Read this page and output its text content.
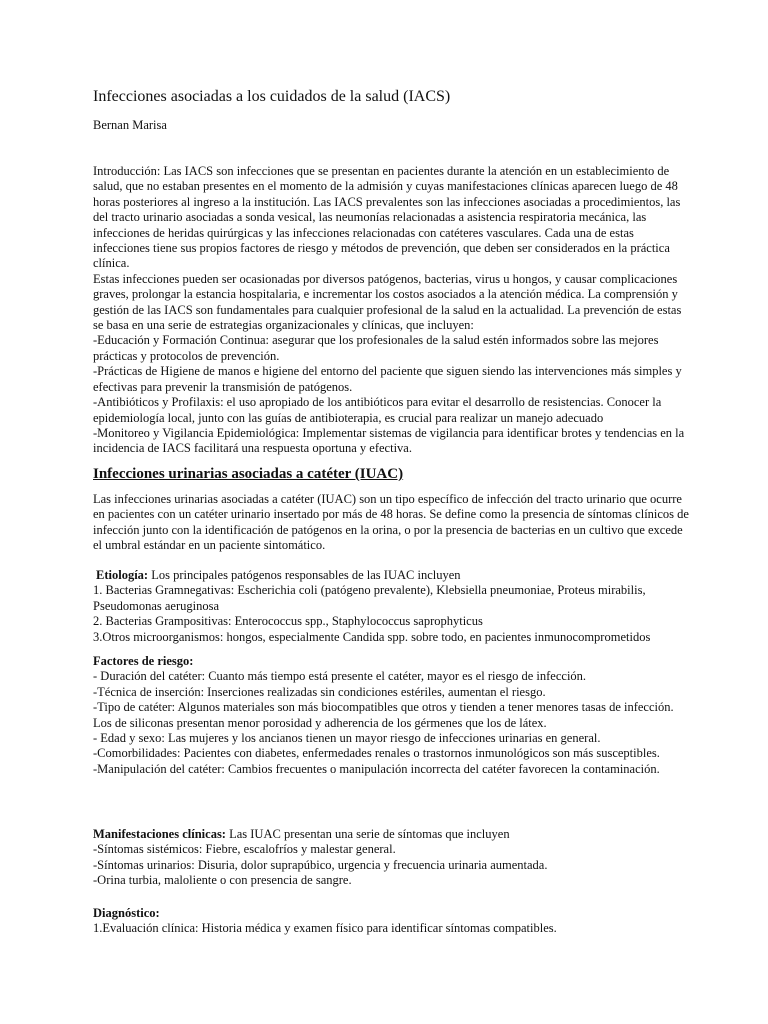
Infecciones asociadas a los cuidados de la salud (IACS)
Bernan Marisa

Introducción: Las IACS son infecciones que se presentan en pacientes durante la atención en un establecimiento de salud, que no estaban presentes en el momento de la admisión y cuyas manifestaciones clínicas aparecen luego de 48 horas posteriores al ingreso a la institución. Las IACS prevalentes son las infecciones asociadas a procedimientos, las del tracto urinario asociadas a sonda vesical, las neumonías relacionadas a asistencia respiratoria mecánica, las infecciones de heridas quirúrgicas y las infecciones relacionadas con catéteres vasculares. Cada una de estas infecciones tiene sus propios factores de riesgo y métodos de prevención, que deben ser considerados en la práctica clínica.

Estas infecciones pueden ser ocasionadas por diversos patógenos, bacterias, virus u hongos, y causar complicaciones graves, prolongar la estancia hospitalaria, e incrementar los costos asociados a la atención médica. La comprensión y gestión de las IACS son fundamentales para cualquier profesional de la salud en la actualidad. La prevención de estas se basa en una serie de estrategias organizacionales y clínicas, que incluyen:

-Educación y Formación Continua: asegurar que los profesionales de la salud estén informados sobre las mejores prácticas y protocolos de prevención.

-Prácticas de Higiene de manos e higiene del entorno del paciente que siguen siendo las intervenciones más simples y efectivas para prevenir la transmisión de patógenos.

-Antibióticos y Profilaxis: el uso apropiado de los antibióticos para evitar el desarrollo de resistencias. Conocer la epidemiología local, junto con las guías de antibioterapia, es crucial para realizar un manejo adecuado

-Monitoreo y Vigilancia Epidemiológica: Implementar sistemas de vigilancia para identificar brotes y tendencias en la incidencia de IACS facilitará una respuesta oportuna y efectiva.

Infecciones urinarias asociadas a catéter (IUAC)
Las infecciones urinarias asociadas a catéter (IUAC) son un tipo específico de infección del tracto urinario que ocurre en pacientes con un catéter urinario insertado por más de 48 horas. Se define como la presencia de síntomas clínicos de infección junto con la identificación de patógenos en la orina, o por la presencia de bacterias en un cultivo que excede el umbral estándar en un paciente sintomático.

Etiología: Los principales patógenos responsables de las IUAC incluyen

1. Bacterias Gramnegativas: Escherichia coli (patógeno prevalente), Klebsiella pneumoniae, Proteus mirabilis, Pseudomonas aeruginosa

2. Bacterias Grampositivas: Enterococcus spp., Staphylococcus saprophyticus

3.Otros microorganismos: hongos, especialmente Candida spp. sobre todo, en pacientes inmunocomprometidos

Factores de riesgo:

- Duración del catéter: Cuanto más tiempo está presente el catéter, mayor es el riesgo de infección.

-Técnica de inserción: Inserciones realizadas sin condiciones estériles, aumentan el riesgo.

-Tipo de catéter: Algunos materiales son más biocompatibles que otros y tienden a tener menores tasas de infección. Los de siliconas presentan menor porosidad y adherencia de los gérmenes que los de látex.

- Edad y sexo: Las mujeres y los ancianos tienen un mayor riesgo de infecciones urinarias en general.

-Comorbilidades: Pacientes con diabetes, enfermedades renales o trastornos inmunológicos son más susceptibles.

-Manipulación del catéter: Cambios frecuentes o manipulación incorrecta del catéter favorecen la contaminación.

Manifestaciones clínicas: Las IUAC presentan una serie de síntomas que incluyen

-Síntomas sistémicos: Fiebre, escalofríos y malestar general.

-Síntomas urinarios: Disuria, dolor suprapúbico, urgencia y frecuencia urinaria aumentada.

-Orina turbia, maloliente o con presencia de sangre.

Diagnóstico:

1.Evaluación clínica: Historia médica y examen físico para identificar síntomas compatibles.
